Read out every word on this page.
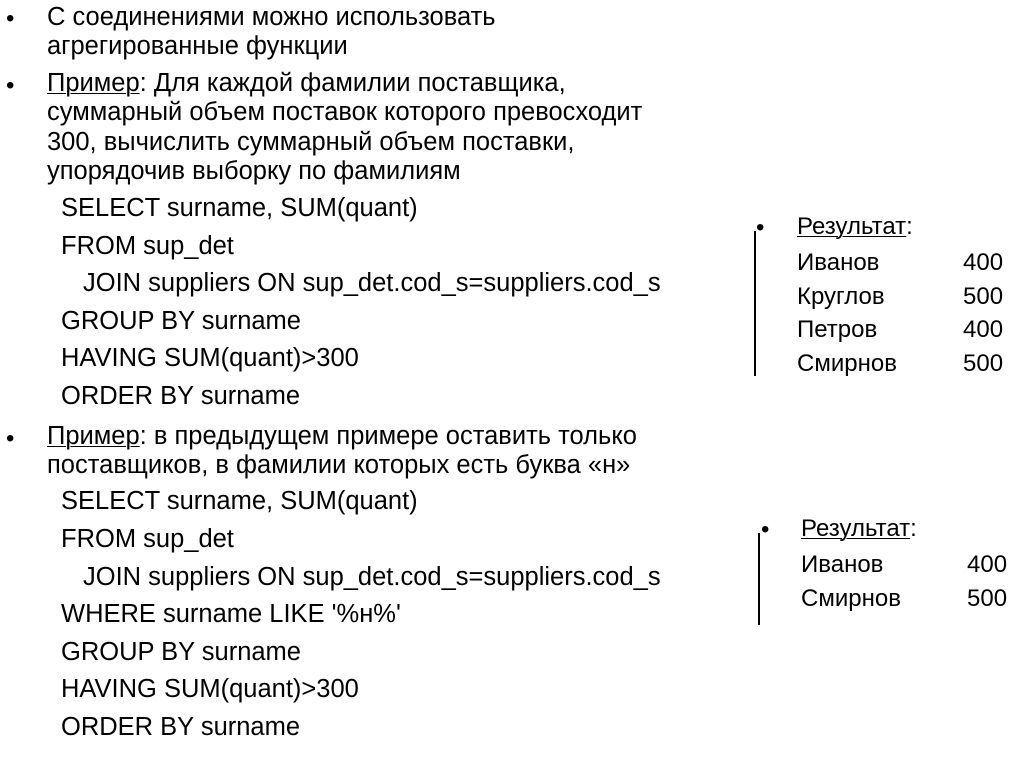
• С соединениями можно использовать
агрегированные функции
• Пример: Для каждой фамилии поставщика,
суммарный объем поставок которого превосходит
300, вычислить суммарный объем поставки,
упорядочив выборку по фамилиям
SELECT surname, SUM(quant)
FROM sup_det
JOIN suppliers ON sup_det.cod_s=suppliers.cod_s
GROUP BY surname
HAVING SUM(quant)>300
ORDER BY surname
• Результат:
Иванов	400
Круглов	500
Петров	400
Смирнов	500
• Пример: в предыдущем примере оставить только
поставщиков, в фамилии которых есть буква «н»
SELECT surname, SUM(quant)
FROM sup_det
JOIN suppliers ON sup_det.cod_s=suppliers.cod_s
WHERE surname LIKE '%н%'
GROUP BY surname
HAVING SUM(quant)>300
ORDER BY surname
• Результат:
Иванов	400
Смирнов	500
